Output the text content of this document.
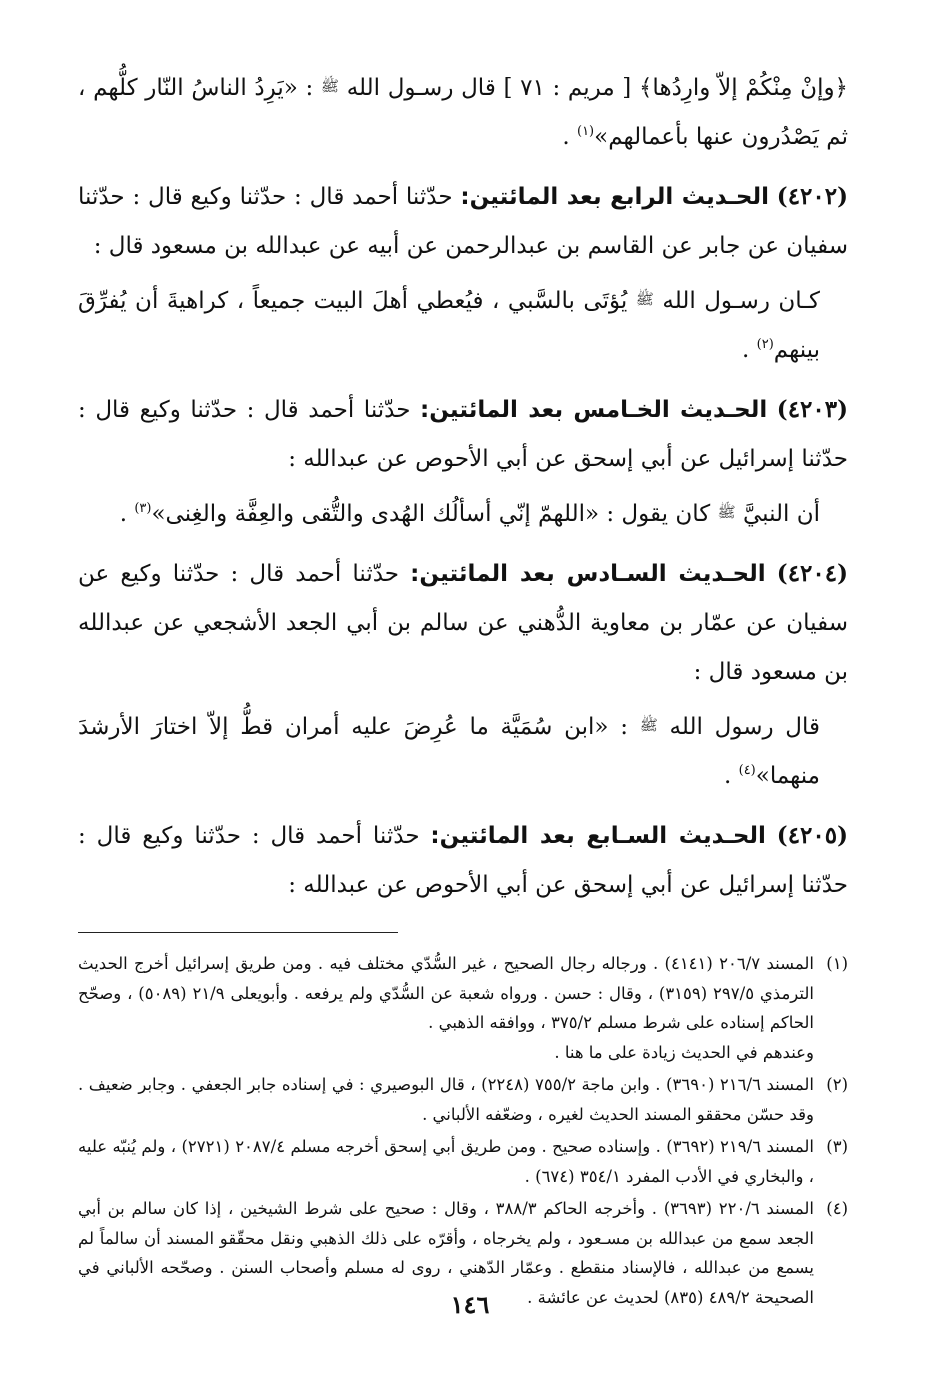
﴿وإنْ مِنْكُمْ إلاّ وارِدُها﴾ [ مريم : ٧١ ] قال رسـول الله ﷺ : «يَرِدُ الناسُ النّار كلُّهم ، ثم يَصْدُرون عنها بأعمالهم»$^{(١)}$ .

(٤٢٠٢) الحـديث الرابع بعد المائتين: حدّثنا أحمد قال : حدّثنا وكيع قال : حدّثنا سفيان عن جابر عن القاسم بن عبدالرحمن عن أبيه عن عبدالله بن مسعود قال :

كـان رسـول الله ﷺ يُؤتَى بالسَّبي ، فيُعطي أهلَ البيت جميعاً ، كراهيةَ أن يُفرِّقَ بينهم$^{(٢)}$ .

(٤٢٠٣) الحـديث الخـامس بعد المائتين: حدّثنا أحمد قال : حدّثنا وكيع قال : حدّثنا إسرائيل عن أبي إسحق عن أبي الأحوص عن عبدالله :

أن النبيَّ ﷺ كان يقول : «اللهمّ إنّي أسألُك الهُدى والتُّقى والعِفَّة والغِنى»$^{(٣)}$ .

(٤٢٠٤) الحـديث السـادس بعد المائتين: حدّثنا أحمد قال : حدّثنا وكيع عن سفيان عن عمّار بن معاوية الدُّهني عن سالم بن أبي الجعد الأشجعي عن عبدالله بن مسعود قال :

قال رسول الله ﷺ : «ابن سُمَيَّة ما عُرِضَ عليه أمران قطُّ إلاّ اختارَ الأرشدَ منهما»$^{(٤)}$ .

(٤٢٠٥) الحـديث السـابع بعد المائتين: حدّثنا أحمد قال : حدّثنا وكيع قال : حدّثنا إسرائيل عن أبي إسحق عن أبي الأحوص عن عبدالله :

(١)
المسند ٢٠٦/٧ (٤١٤١) . ورجاله رجال الصحيح ، غير السُّدّي مختلف فيه . ومن طريق إسرائيل أخرج الحديث الترمذي ٢٩٧/٥ (٣١٥٩) ، وقال : حسن . ورواه شعبة عن السُّدّي ولم يرفعه . وأبويعلى ٢١/٩ (٥٠٨٩) ، وصحّح الحاكم إسناده على شرط مسلم ٣٧٥/٢ ، ووافقه الذهبي .
وعندهم في الحديث زيادة على ما هنا .
(٢)
المسند ٢١٦/٦ (٣٦٩٠) . وابن ماجة ٧٥٥/٢ (٢٢٤٨) ، قال البوصيري : في إسناده جابر الجعفي . وجابر ضعيف . وقد حسّن محققو المسند الحديث لغيره ، وضعّفه الألباني .
(٣)
المسند ٢١٩/٦ (٣٦٩٢) . وإسناده صحيح . ومن طريق أبي إسحق أخرجه مسلم ٢٠٨٧/٤ (٢٧٢١) ، ولم يُنبّه عليه ، والبخاري في الأدب المفرد ٣٥٤/١ (٦٧٤) .
(٤)
المسند ٢٢٠/٦ (٣٦٩٣) . وأخرجه الحاكم ٣٨٨/٣ ، وقال : صحيح على شرط الشيخين ، إذا كان سالم بن أبي الجعد سمع من عبدالله بن مسـعود ، ولم يخرجاه ، وأقرّه على ذلك الذهبي ونقل محقّقو المسند أن سالماً لم يسمع من عبدالله ، فالإسناد منقطع . وعمّار الدّهني ، روى له مسلم وأصحاب السنن . وصحّحه الألباني في الصحيحة ٤٨٩/٢ (٨٣٥) لحديث عن عائشة .
١٤٦
